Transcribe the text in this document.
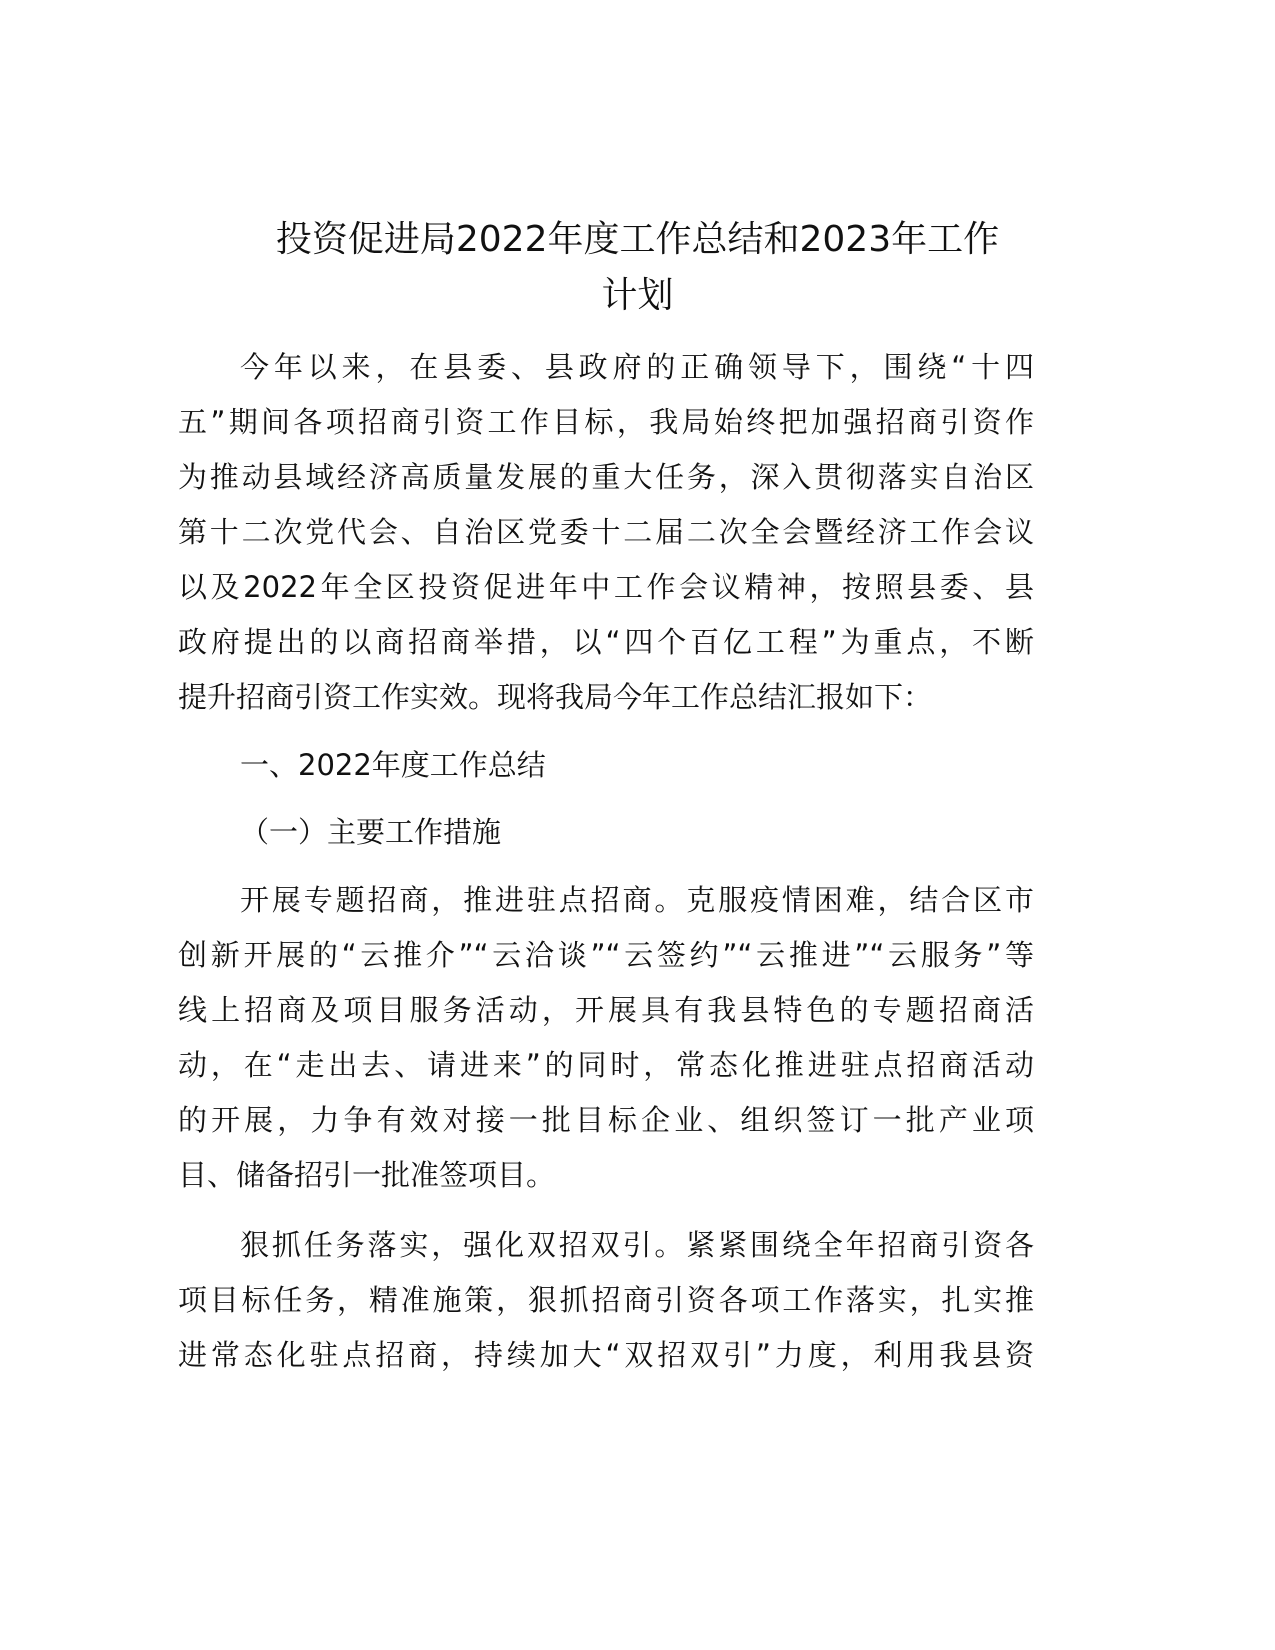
投资促进局2022年度工作总结和2023年工作
计划
今年以来，在县委、县政府的正确领导下，围绕“十四
五”期间各项招商引资工作目标，我局始终把加强招商引资作
为推动县域经济高质量发展的重大任务，深入贯彻落实自治区
第十二次党代会、自治区党委十二届二次全会暨经济工作会议
以及2022年全区投资促进年中工作会议精神，按照县委、县
政府提出的以商招商举措，以“四个百亿工程”为重点，不断
提升招商引资工作实效。现将我局今年工作总结汇报如下：
一、2022年度工作总结
（一）主要工作措施
开展专题招商，推进驻点招商。克服疫情困难，结合区市
创新开展的“云推介”“云洽谈”“云签约”“云推进”“云服务”等
线上招商及项目服务活动，开展具有我县特色的专题招商活
动，在“走出去、请进来”的同时，常态化推进驻点招商活动
的开展，力争有效对接一批目标企业、组织签订一批产业项
目、储备招引一批准签项目。
狠抓任务落实，强化双招双引。紧紧围绕全年招商引资各
项目标任务，精准施策，狠抓招商引资各项工作落实，扎实推
进常态化驻点招商，持续加大“双招双引”力度，利用我县资
